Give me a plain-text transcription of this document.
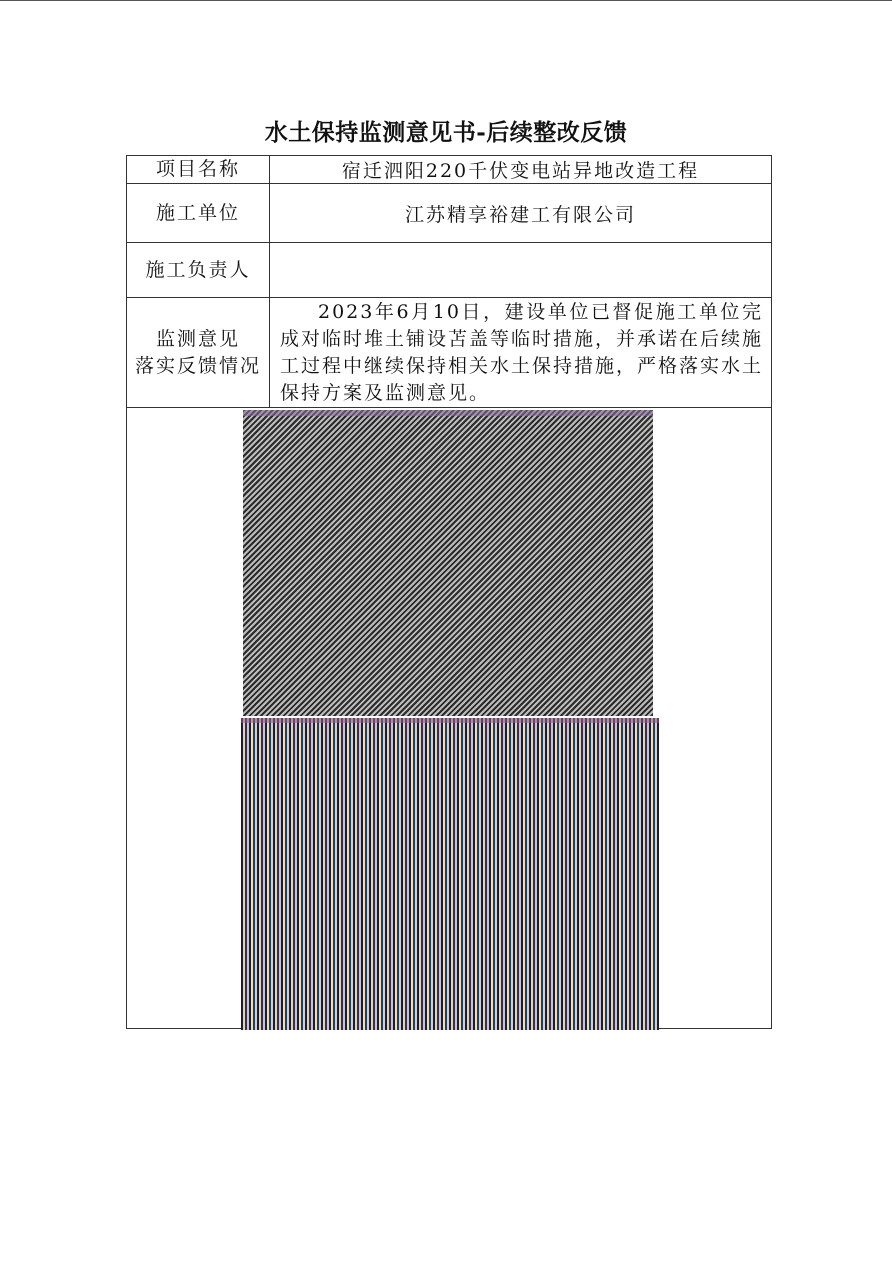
水土保持监测意见书-后续整改反馈
项目名称	宿迁泗阳220千伏变电站异地改造工程
施工单位	江苏精享裕建工有限公司
施工负责人	

监测意见
落实反馈情况	2023年6月10日，建设单位已督促施工单位完成对临时堆土铺设苫盖等临时措施，并承诺在后续施工过程中继续保持相关水土保持措施，严格落实水土保持方案及监测意见。
